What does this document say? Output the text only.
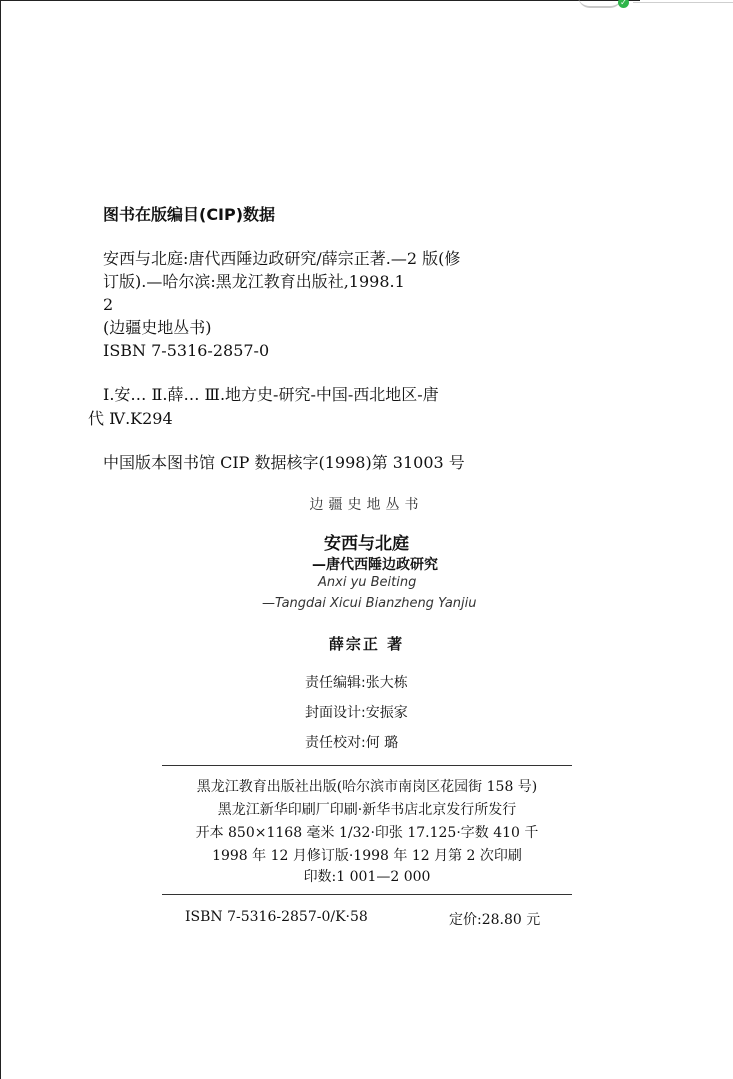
✓
图书在版编目(CIP)数据
安西与北庭:唐代西陲边政研究/薛宗正著.—2 版(修
订版).—哈尔滨:黑龙江教育出版社,1998.1
2
(边疆史地丛书)
ISBN 7-5316-2857-0
Ⅰ.安… Ⅱ.薛… Ⅲ.地方史-研究-中国-西北地区-唐
代 Ⅳ.K294
中国版本图书馆 CIP 数据核字(1998)第 31003 号
边疆史地丛书
安西与北庭
—唐代西陲边政研究
Anxi yu Beiting
—Tangdai Xicui Bianzheng Yanjiu
薛宗正 著
责任编辑:张大栋
封面设计:安振家
责任校对:何 璐
黑龙江教育出版社出版(哈尔滨市南岗区花园街 158 号)
黑龙江新华印刷厂印刷·新华书店北京发行所发行
开本 850×1168 毫米 1/32·印张 17.125·字数 410 千
1998 年 12 月修订版·1998 年 12 月第 2 次印刷
印数:1 001—2 000
ISBN 7-5316-2857-0/K·58	定价:28.80 元
